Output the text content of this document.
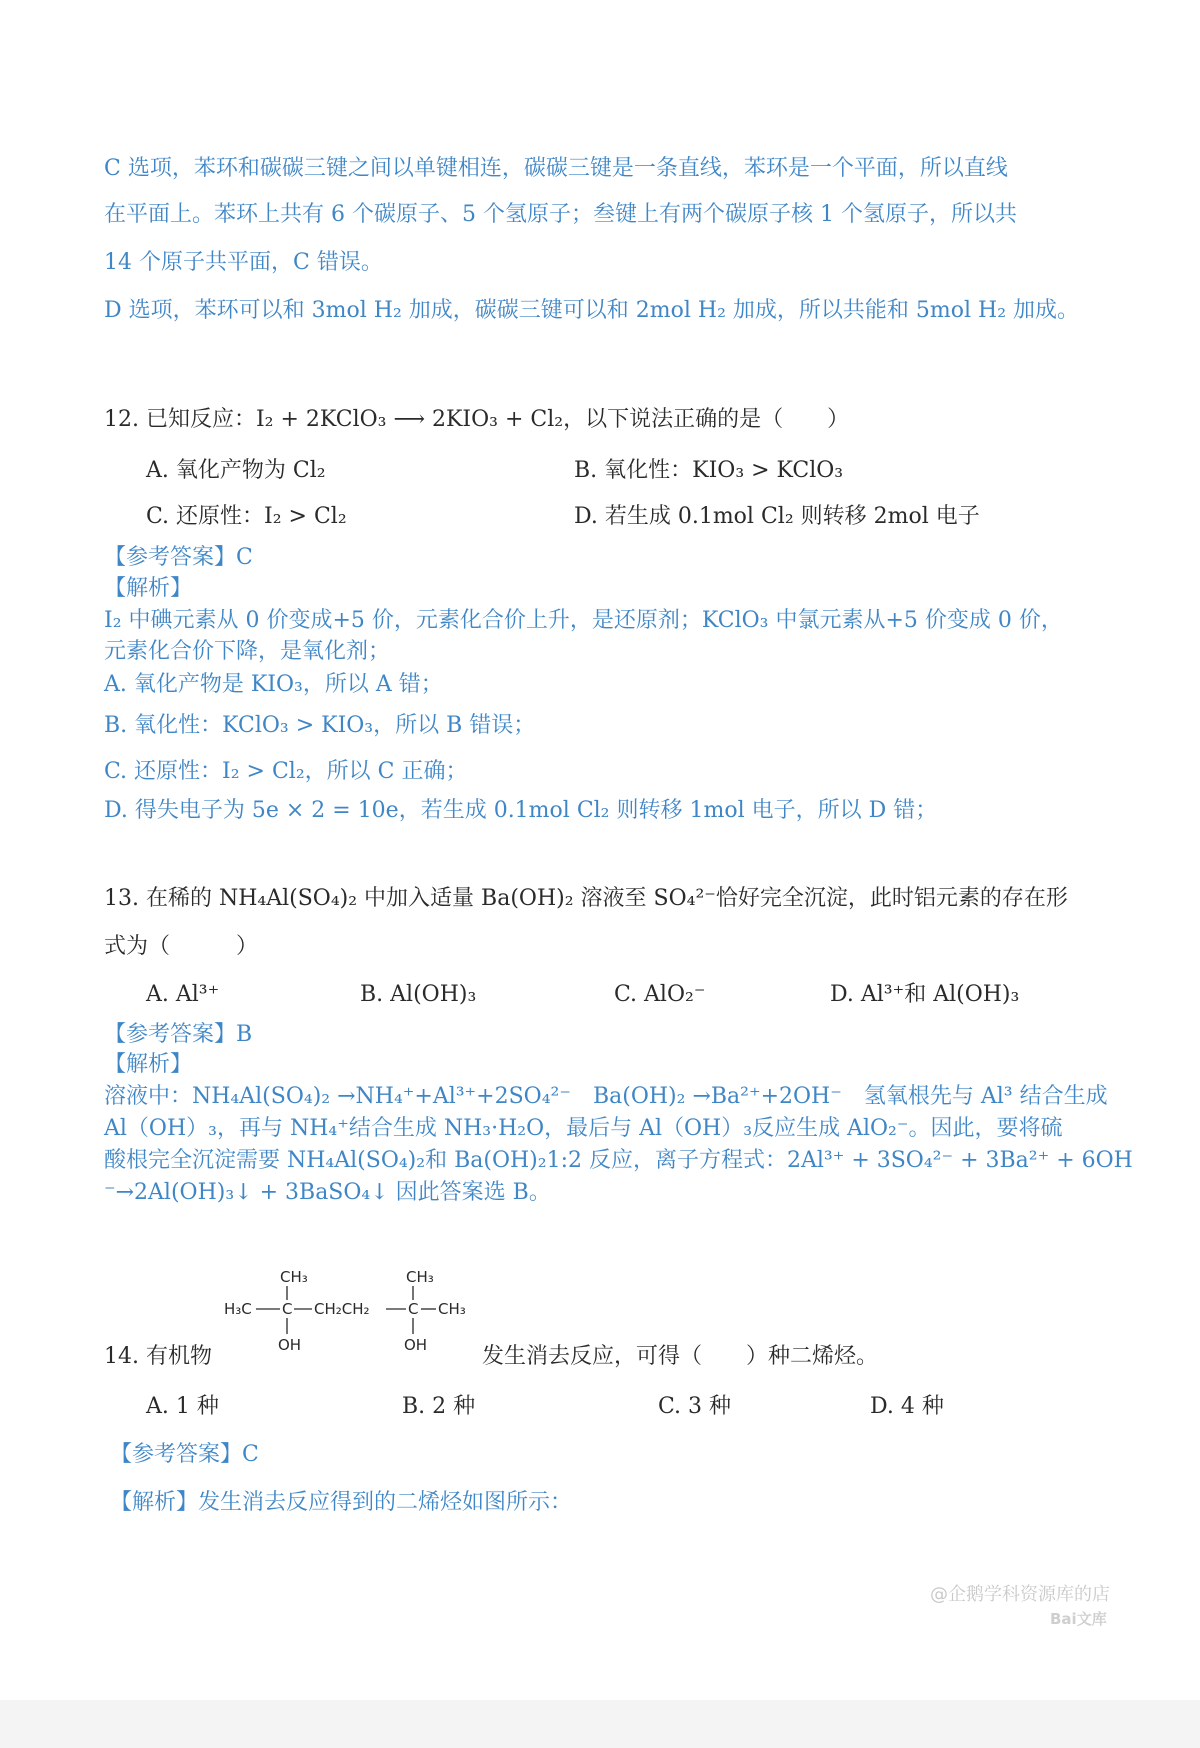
C 选项，苯环和碳碳三键之间以单键相连，碳碳三键是一条直线，苯环是一个平面，所以直线
在平面上。苯环上共有 6 个碳原子、5 个氢原子；叁键上有两个碳原子核 1 个氢原子，所以共
14 个原子共平面，C 错误。
D 选项，苯环可以和 3mol H₂ 加成，碳碳三键可以和 2mol H₂ 加成，所以共能和 5mol H₂ 加成。
12. 已知反应：I₂ + 2KClO₃ ⟶ 2KIO₃ + Cl₂，以下说法正确的是（　　）
A. 氧化产物为 Cl₂	B. 氧化性：KIO₃ > KClO₃
C. 还原性：I₂ > Cl₂	D. 若生成 0.1mol Cl₂ 则转移 2mol 电子
【参考答案】C
【解析】
I₂ 中碘元素从 0 价变成+5 价，元素化合价上升，是还原剂；KClO₃ 中氯元素从+5 价变成 0 价，
元素化合价下降，是氧化剂；
A. 氧化产物是 KIO₃，所以 A 错；
B. 氧化性：KClO₃ > KIO₃，所以 B 错误；
C. 还原性：I₂ > Cl₂，所以 C 正确；
D. 得失电子为 5e × 2 = 10e，若生成 0.1mol Cl₂ 则转移 1mol 电子，所以 D 错；
13. 在稀的 NH₄Al(SO₄)₂ 中加入适量 Ba(OH)₂ 溶液至 SO₄²⁻恰好完全沉淀，此时铝元素的存在形
式为（　　　）
A. Al³⁺	B. Al(OH)₃	C. AlO₂⁻	D. Al³⁺和 Al(OH)₃
【参考答案】B
【解析】
溶液中：NH₄Al(SO₄)₂ →NH₄⁺+Al³⁺+2SO₄²⁻　Ba(OH)₂ →Ba²⁺+2OH⁻　氢氧根先与 Al³ 结合生成
Al（OH）₃，再与 NH₄⁺结合生成 NH₃·H₂O，最后与 Al（OH）₃反应生成 AlO₂⁻。因此，要将硫
酸根完全沉淀需要 NH₄Al(SO₄)₂和 Ba(OH)₂1:2 反应，离子方程式：2Al³⁺ + 3SO₄²⁻ + 3Ba²⁺ + 6OH
⁻→2Al(OH)₃↓ + 3BaSO₄↓ 因此答案选 B。
CH₃	CH₃
H₃C C CH₂CH₂	C CH₃
OH	OH
14. 有机物	发生消去反应，可得（　　）种二烯烃。
A. 1 种	B. 2 种	C. 3 种	D. 4 种
【参考答案】C
【解析】发生消去反应得到的二烯烃如图所示：
@企鹅学科资源库的店
Bai文库
